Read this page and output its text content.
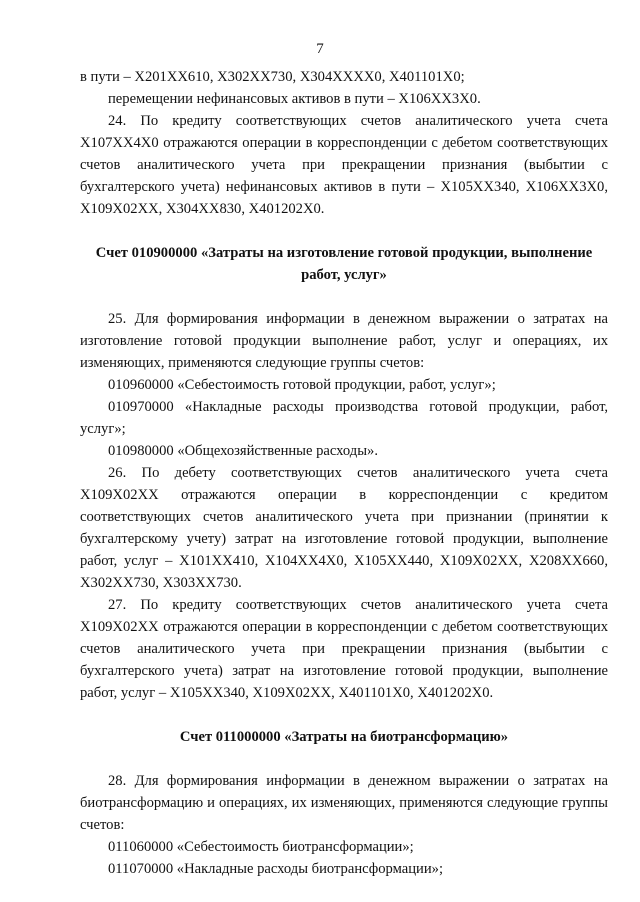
7

в пути – X201XX610, X302XX730, X304XXXX0, X401101X0;

перемещении нефинансовых активов в пути – X106XX3X0.

24. По кредиту соответствующих счетов аналитического учета счета X107XX4X0 отражаются операции в корреспонденции с дебетом соответствующих счетов аналитического учета при прекращении признания (выбытии с бухгалтерского учета) нефинансовых активов в пути – X105XX340, X106XX3X0, X109X02XX, X304XX830, X401202X0.

Счет 010900000 «Затраты на изготовление готовой продукции, выполнение работ, услуг»

25. Для формирования информации в денежном выражении о затратах на изготовление готовой продукции выполнение работ, услуг и операциях, их изменяющих, применяются следующие группы счетов:

010960000 «Себестоимость готовой продукции, работ, услуг»;

010970000 «Накладные расходы производства готовой продукции, работ, услуг»;

010980000 «Общехозяйственные расходы».

26. По дебету соответствующих счетов аналитического учета счета X109X02XX отражаются операции в корреспонденции с кредитом соответствующих счетов аналитического учета при признании (принятии к бухгалтерскому учету) затрат на изготовление готовой продукции, выполнение работ, услуг – X101XX410, X104XX4X0, X105XX440, X109X02XX, X208XX660, X302XX730, X303XX730.

27. По кредиту соответствующих счетов аналитического учета счета X109X02XX отражаются операции в корреспонденции с дебетом соответствующих счетов аналитического учета при прекращении признания (выбытии с бухгалтерского учета) затрат на изготовление готовой продукции, выполнение работ, услуг – X105XX340, X109X02XX, X401101X0, X401202X0.

Счет 011000000 «Затраты на биотрансформацию»

28. Для формирования информации в денежном выражении о затратах на биотрансформацию и операциях, их изменяющих, применяются следующие группы счетов:

011060000 «Себестоимость биотрансформации»;

011070000 «Накладные расходы биотрансформации»;
